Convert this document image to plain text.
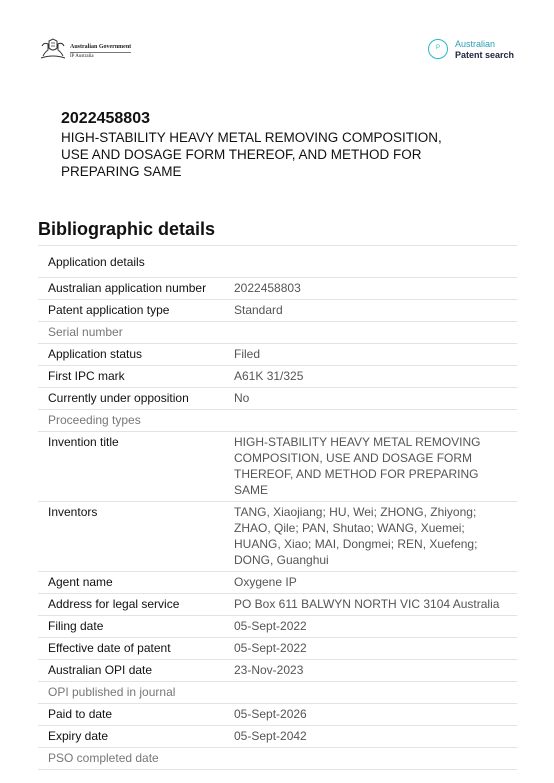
Australian Government
IP Australia
P	Australian
Patent search
2022458803
HIGH-STABILITY HEAVY METAL REMOVING COMPOSITION,
USE AND DOSAGE FORM THEREOF, AND METHOD FOR
PREPARING SAME
Bibliographic details
Application details
Australian application number	2022458803
Patent application type	Standard
Serial number
Application status	Filed
First IPC mark	A61K 31/325
Currently under opposition	No
Proceeding types
Invention title	HIGH-STABILITY HEAVY METAL REMOVING
COMPOSITION, USE AND DOSAGE FORM
THEREOF, AND METHOD FOR PREPARING SAME
Inventors	TANG, Xiaojiang; HU, Wei; ZHONG, Zhiyong;
ZHAO, Qile; PAN, Shutao; WANG, Xuemei;
HUANG, Xiao; MAI, Dongmei; REN, Xuefeng;
DONG, Guanghui
Agent name	Oxygene IP
Address for legal service	PO Box 611 BALWYN NORTH VIC 3104 Australia
Filing date	05-Sept-2022
Effective date of patent	05-Sept-2022
Australian OPI date	23-Nov-2023
OPI published in journal
Paid to date	05-Sept-2026
Expiry date	05-Sept-2042
PSO completed date
